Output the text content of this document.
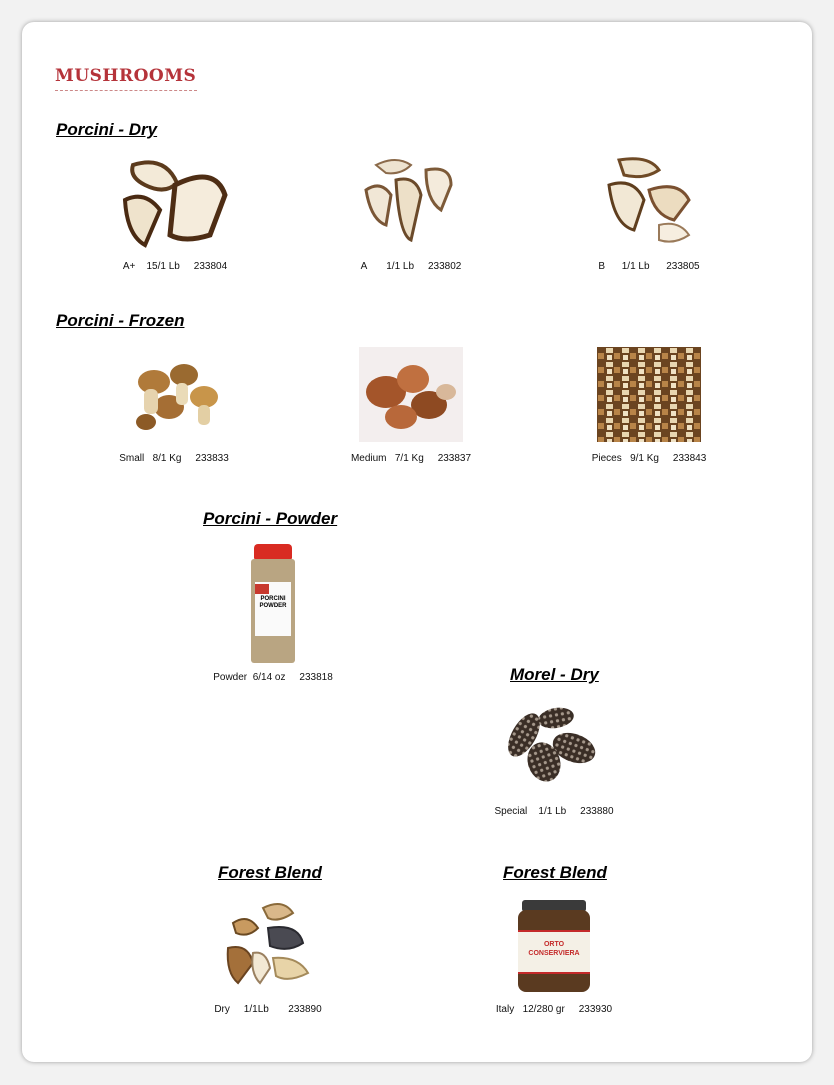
MUSHROOMS
Porcini - Dry
A+ 15/1 Lb 233804	A 1/1 Lb 233802	B 1/1 Lb 233805
Porcini - Frozen
Small 8/1 Kg 233833	Medium 7/1 Kg 233837	Pieces 9/1 Kg 233843
Porcini - Powder
PORCINI
POWDER
Powder 6/14 oz 233818	Morel - Dry
Special 1/1 Lb 233880
Forest Blend
Dry 1/1Lb 233890
Forest Blend
ORTO
CONSERVIERA
Italy 12/280 gr 233930
